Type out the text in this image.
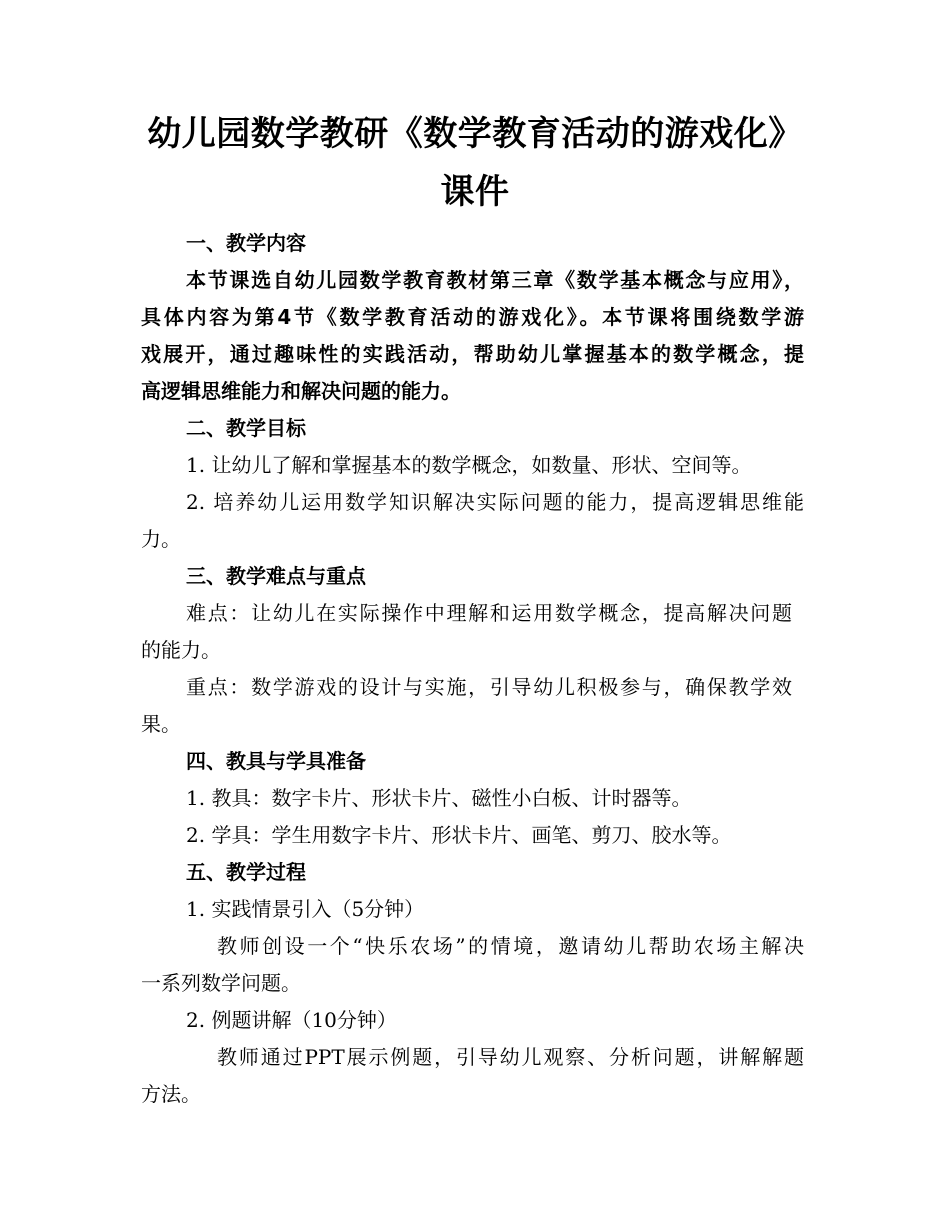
幼儿园数学教研《数学教育活动的游戏化》
课件

一、教学内容

本节课选自幼儿园数学教育教材第三章《数学基本概念与应用》，

具体内容为第4节《数学教育活动的游戏化》。本节课将围绕数学游

戏展开，通过趣味性的实践活动，帮助幼儿掌握基本的数学概念，提

高逻辑思维能力和解决问题的能力。

二、教学目标

1. 让幼儿了解和掌握基本的数学概念，如数量、形状、空间等。

2. 培养幼儿运用数学知识解决实际问题的能力，提高逻辑思维能

力。

三、教学难点与重点

难点：让幼儿在实际操作中理解和运用数学概念，提高解决问题

的能力。

重点：数学游戏的设计与实施，引导幼儿积极参与，确保教学效

果。

四、教具与学具准备

1. 教具：数字卡片、形状卡片、磁性小白板、计时器等。

2. 学具：学生用数字卡片、形状卡片、画笔、剪刀、胶水等。

五、教学过程

1. 实践情景引入（5分钟）

教师创设一个“快乐农场”的情境，邀请幼儿帮助农场主解决

一系列数学问题。

2. 例题讲解（10分钟）

教师通过PPT展示例题，引导幼儿观察、分析问题，讲解解题

方法。
